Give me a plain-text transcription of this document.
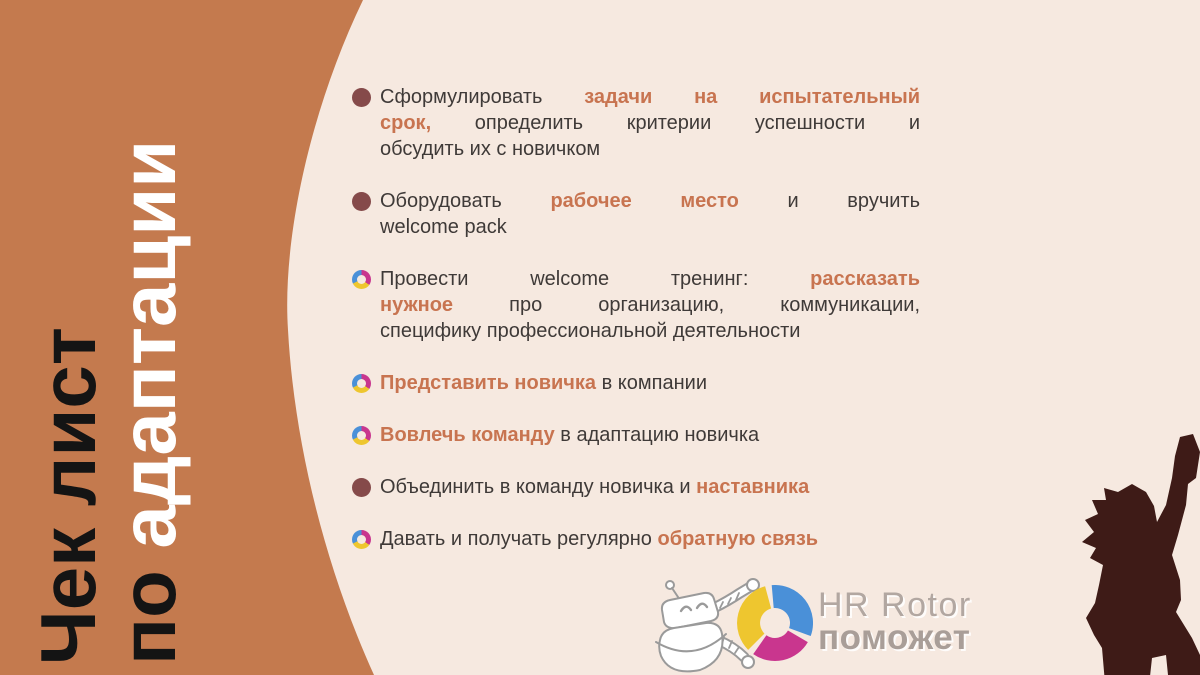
Чек лист
по адаптации
Сформулировать задачи на испытательный
срок, определить критерии успешности и
обсудить их с новичком
Оборудовать рабочее место и вручить
welcome pack
Провести welcome тренинг: рассказать
нужное про организацию, коммуникации,
специфику профессиональной деятельности
Представить новичка в компании
Вовлечь команду в адаптацию новичка
Объединить в команду новичка и наставника
Давать и получать регулярно обратную связь
HR Rotor
поможет
